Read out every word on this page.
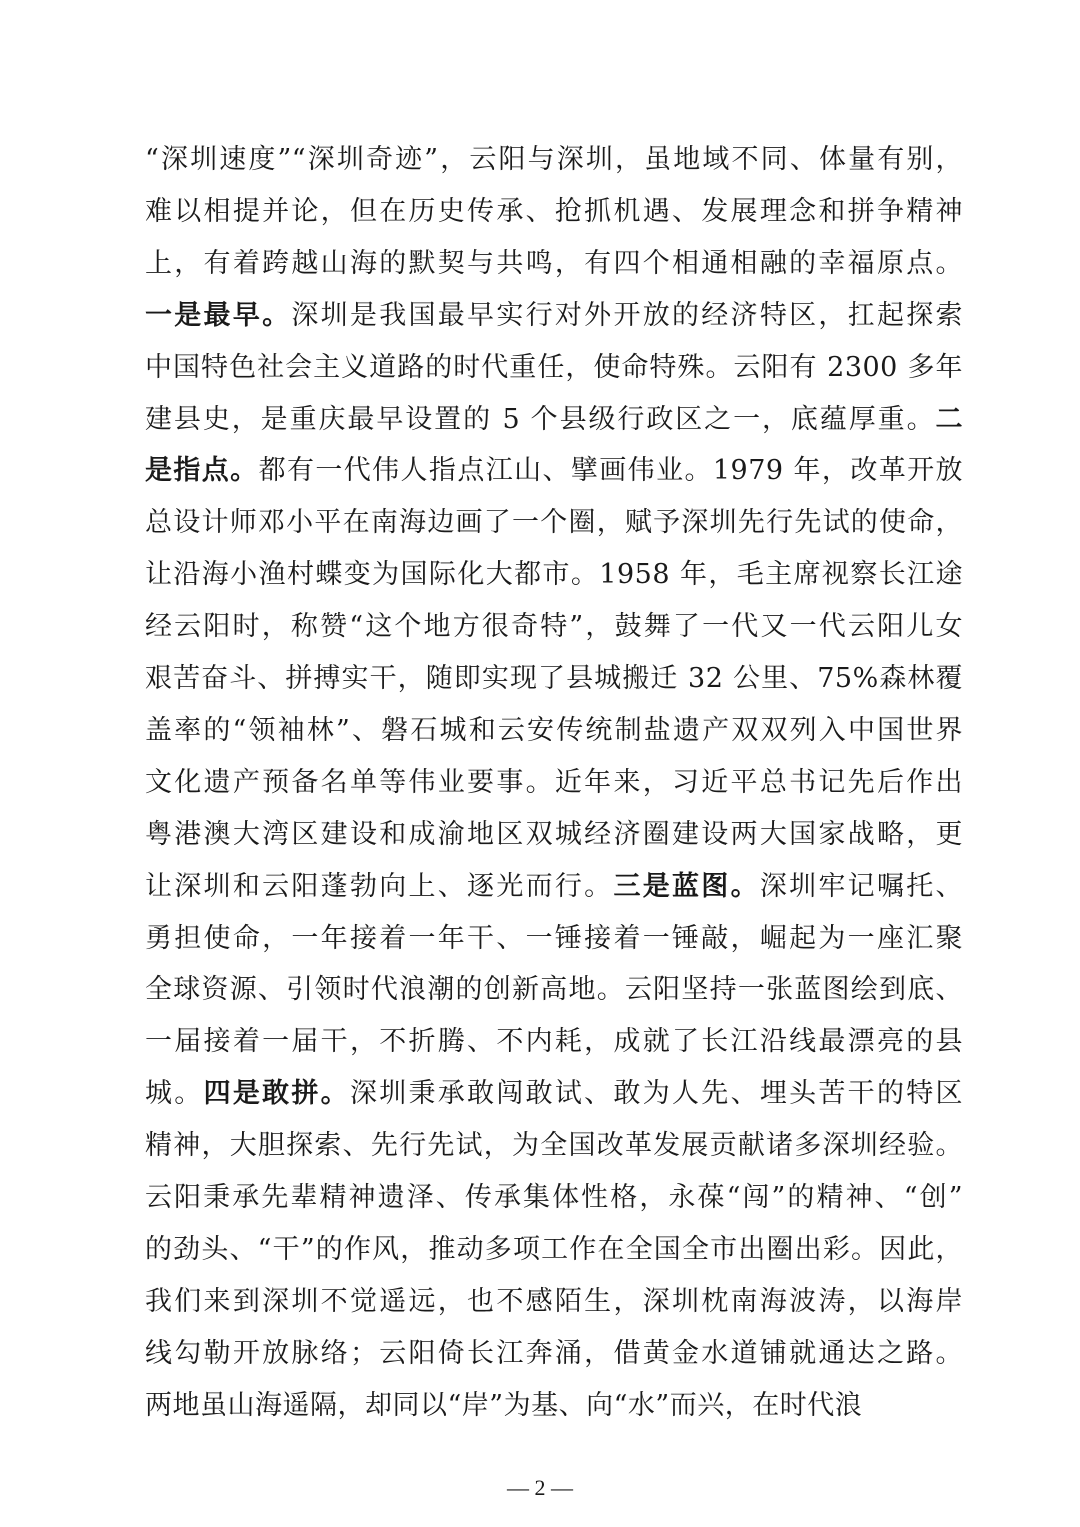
“深圳速度”“深圳奇迹”，云阳与深圳，虽地域不同、体量有别，
难以相提并论，但在历史传承、抢抓机遇、发展理念和拼争精神
上，有着跨越山海的默契与共鸣，有四个相通相融的幸福原点。
一是最早。深圳是我国最早实行对外开放的经济特区，扛起探索
中国特色社会主义道路的时代重任，使命特殊。云阳有 2300 多年
建县史，是重庆最早设置的 5 个县级行政区之一，底蕴厚重。二
是指点。都有一代伟人指点江山、擘画伟业。1979 年，改革开放
总设计师邓小平在南海边画了一个圈，赋予深圳先行先试的使命，
让沿海小渔村蝶变为国际化大都市。1958 年，毛主席视察长江途
经云阳时，称赞“这个地方很奇特”，鼓舞了一代又一代云阳儿女
艰苦奋斗、拼搏实干，随即实现了县城搬迁 32 公里、75%森林覆
盖率的“领袖林”、磐石城和云安传统制盐遗产双双列入中国世界
文化遗产预备名单等伟业要事。近年来，习近平总书记先后作出
粤港澳大湾区建设和成渝地区双城经济圈建设两大国家战略，更
让深圳和云阳蓬勃向上、逐光而行。三是蓝图。深圳牢记嘱托、
勇担使命，一年接着一年干、一锤接着一锤敲，崛起为一座汇聚
全球资源、引领时代浪潮的创新高地。云阳坚持一张蓝图绘到底、
一届接着一届干，不折腾、不内耗，成就了长江沿线最漂亮的县
城。四是敢拼。深圳秉承敢闯敢试、敢为人先、埋头苦干的特区
精神，大胆探索、先行先试，为全国改革发展贡献诸多深圳经验。
云阳秉承先辈精神遗泽、传承集体性格，永葆“闯”的精神、“创”
的劲头、“干”的作风，推动多项工作在全国全市出圈出彩。因此，
我们来到深圳不觉遥远，也不感陌生，深圳枕南海波涛，以海岸
线勾勒开放脉络；云阳倚长江奔涌，借黄金水道铺就通达之路。
两地虽山海遥隔，却同以“岸”为基、向“水”而兴，在时代浪
— 2 —
